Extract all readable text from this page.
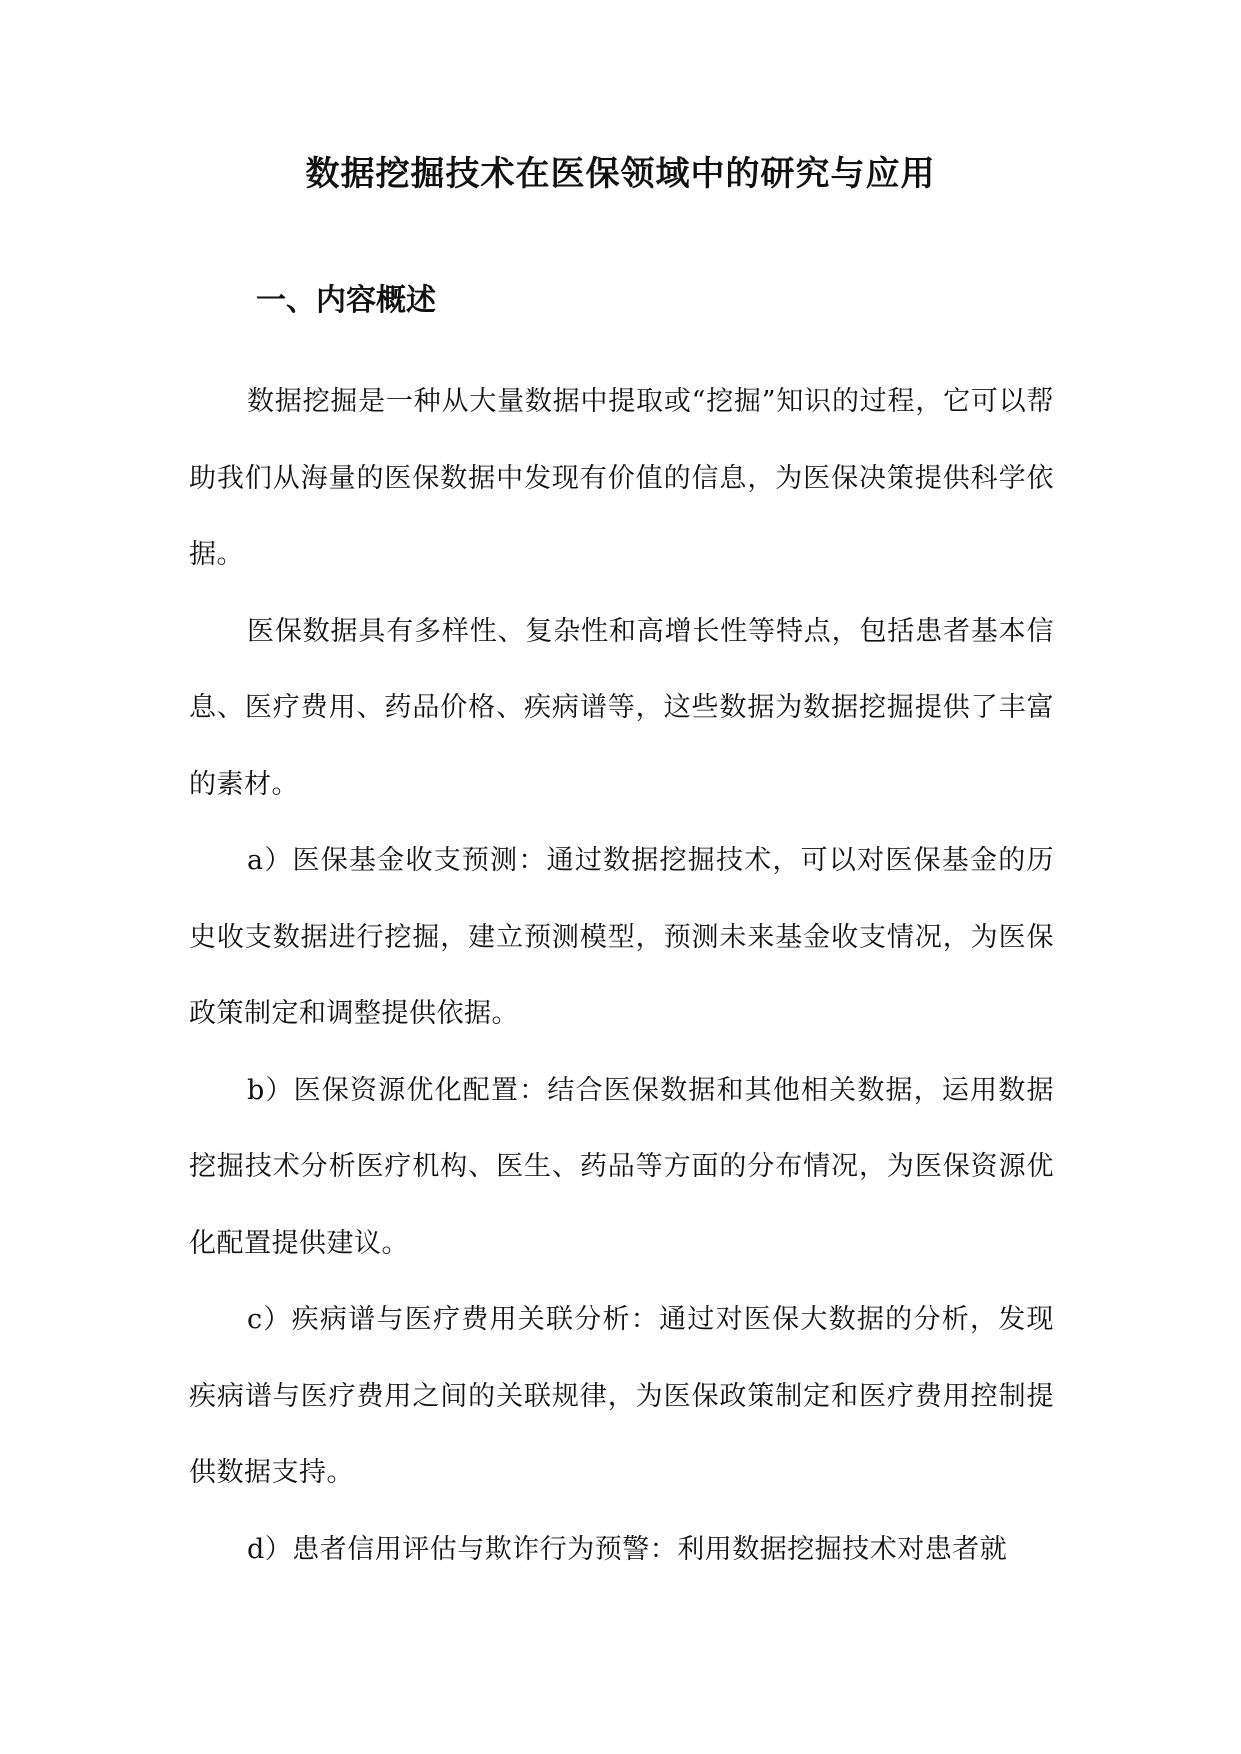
数据挖掘技术在医保领域中的研究与应用
一、内容概述

数据挖掘是一种从大量数据中提取或“挖掘”知识的过程，它可以帮助我们从海量的医保数据中发现有价值的信息，为医保决策提供科学依据。

医保数据具有多样性、复杂性和高增长性等特点，包括患者基本信息、医疗费用、药品价格、疾病谱等，这些数据为数据挖掘提供了丰富的素材。

a）医保基金收支预测：通过数据挖掘技术，可以对医保基金的历史收支数据进行挖掘，建立预测模型，预测未来基金收支情况，为医保政策制定和调整提供依据。

b）医保资源优化配置：结合医保数据和其他相关数据，运用数据挖掘技术分析医疗机构、医生、药品等方面的分布情况，为医保资源优化配置提供建议。

c）疾病谱与医疗费用关联分析：通过对医保大数据的分析，发现疾病谱与医疗费用之间的关联规律，为医保政策制定和医疗费用控制提供数据支持。

d）患者信用评估与欺诈行为预警：利用数据挖掘技术对患者就
